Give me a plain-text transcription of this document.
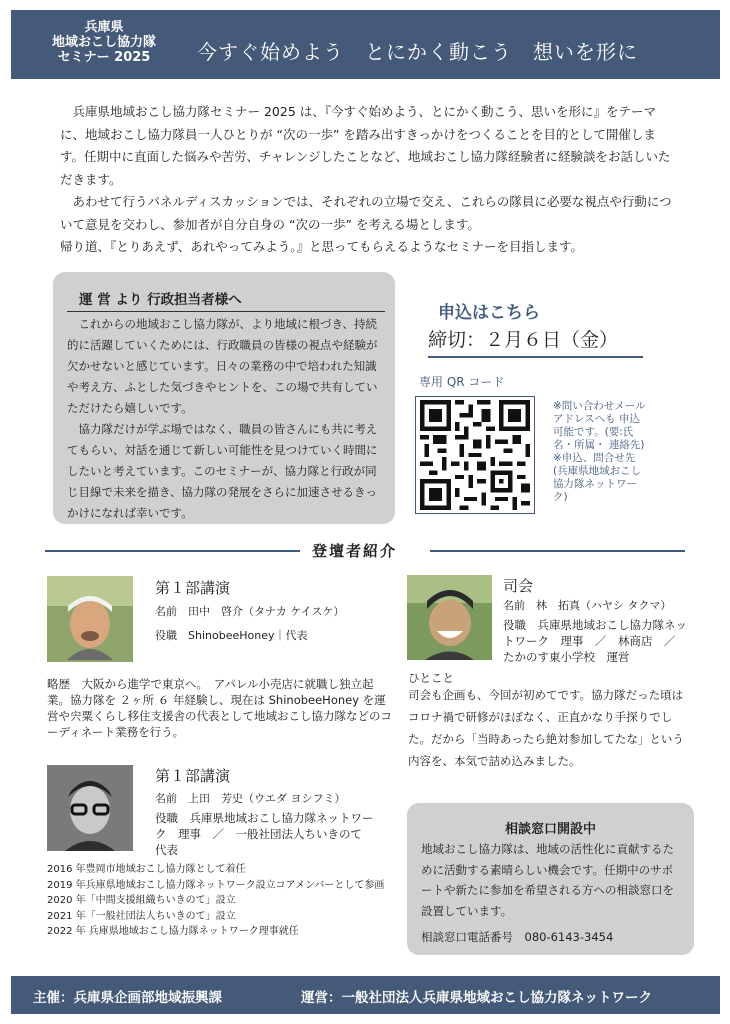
兵庫県
地域おこし協力隊
セミナー 2025	今すぐ始めよう　とにかく動こう　想いを形に

兵庫県地域おこし協力隊セミナー 2025 は、『今すぐ始めよう、とにかく動こう、思いを形に』をテーマに、地域おこし協力隊員一人ひとりが “次の一歩” を踏み出すきっかけをつくることを目的として開催します。任期中に直面した悩みや苦労、チャレンジしたことなど、地域おこし協力隊経験者に経験談をお話しいただきます。

あわせて行うパネルディスカッションでは、それぞれの立場で交え、これらの隊員に必要な視点や行動について意見を交わし、参加者が自分自身の “次の一歩” を考える場とします。

帰り道、『とりあえず、あれやってみよう。』と思ってもらえるようなセミナーを目指します。

運 営 より 行政担当者様へ

これからの地域おこし協力隊が、より地域に根づき、持続的に活躍していくためには、行政職員の皆様の視点や経験が欠かせないと感じています。日々の業務の中で培われた知識や考え方、ふとした気づきやヒントを、この場で共有していただけたら嬉しいです。

協力隊だけが学ぶ場ではなく、職員の皆さんにも共に考えてもらい、対話を通じて新しい可能性を見つけていく時間にしたいと考えています。このセミナーが、協力隊と行政が同じ目線で未来を描き、協力隊の発展をさらに加速させるきっかけになれば幸いです。

申込はこちら
締切：２月６日（金）
専用 QR コード
※問い合わせメールアドレスへも 申込可能です。(要:氏名・所属・ 連絡先) ※申込、問合せ先 (兵庫県地域おこし協力隊ネットワーク)
登壇者紹介
第１部講演
名前　田中　啓介（タナカ ケイスケ）
役職　ShinobeeHoney｜代表
略歴　大阪から進学で東京へ。　アパレル小売店に就職し独立起業。協力隊を ２ヶ所 ６ 年経験し、現在は ShinobeeHoney を運営や宍粟くらし移住支援舎の代表として地域おこし協力隊などのコーディネート業務を行う。
第１部講演
名前　上田　芳史（ウエダ ヨシフミ）
役職　兵庫県地域おこし協力隊ネットワーク　理事　／　一般社団法人ちいきのて　代表
2016 年豊岡市地域おこし協力隊として着任
2019 年兵庫県地域おこし協力隊ネットワーク設立コアメンバーとして参画
2020 年「中間支援組織ちいきのて」設立
2021 年「一般社団法人ちいきのて」設立
2022 年 兵庫県地域おこし協力隊ネットワーク理事就任
司会
名前　林　拓真（ハヤシ タクマ）
役職　兵庫県地域おこし協力隊ネットワーク　理事　／　林商店　／　たかのす東小学校　運営
ひとこと
司会も企画も、今回が初めてです。協力隊だった頃はコロナ禍で研修がほぼなく、正直かなり手探りでした。だから「当時あったら絶対参加してたな」という内容を、本気で詰め込みました。
相談窓口開設中
地域おこし協力隊は、地域の活性化に貢献するために活動する素晴らしい機会です。任期中のサポートや新たに参加を希望される方への相談窓口を設置しています。
相談窓口電話番号　080-6143-3454
主催：兵庫県企画部地域振興課	運営：一般社団法人兵庫県地域おこし協力隊ネットワーク
